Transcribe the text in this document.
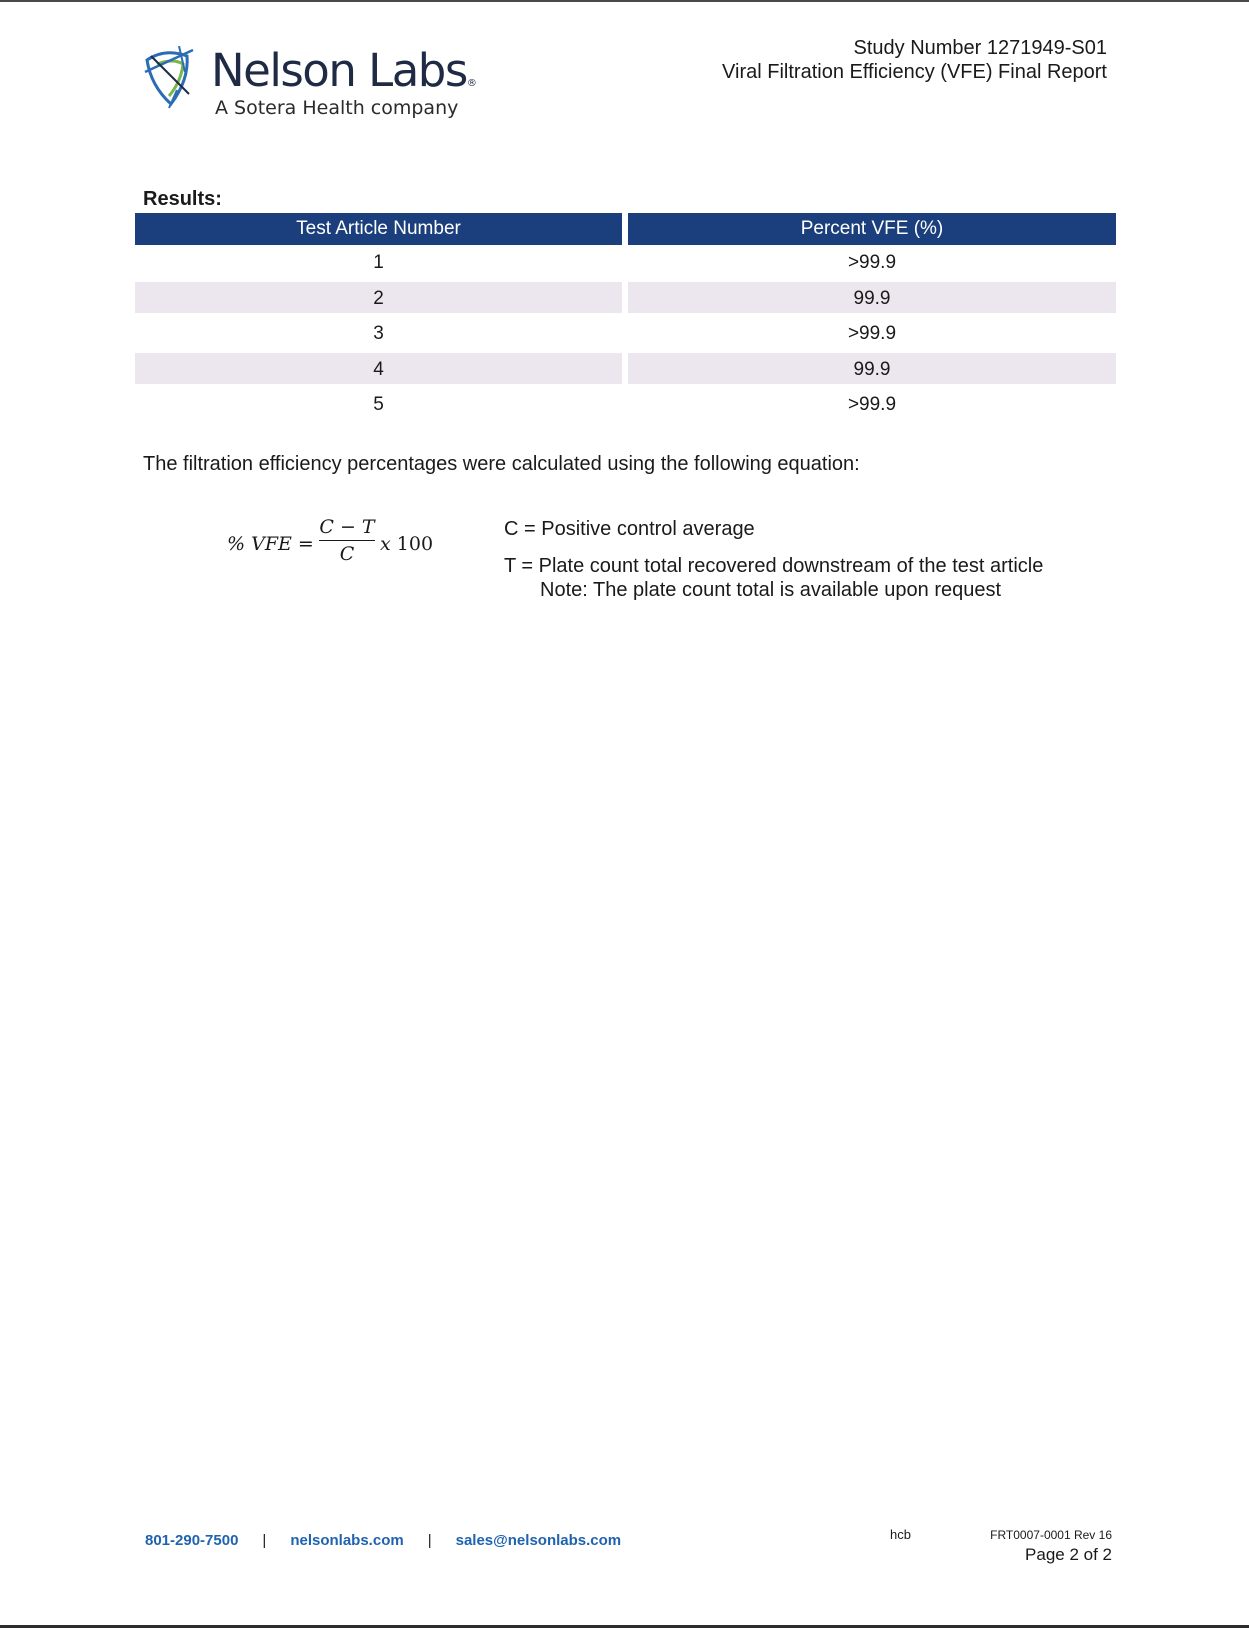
Nelson Labs®
A Sotera Health company
Study Number 1271949-S01
Viral Filtration Efficiency (VFE) Final Report
Results:
Test Article Number	Percent VFE (%)
1	>99.9
2	99.9
3	>99.9
4	99.9
5	>99.9
The filtration efficiency percentages were calculated using the following equation:
% VFE =
C − T
C	x 100
C = Positive control average
T = Plate count total recovered downstream of the test article
Note: The plate count total is available upon request
801-290-7500 | nelsonlabs.com | sales@nelsonlabs.com	hcb	FRT0007-0001 Rev 16
Page 2 of 2
